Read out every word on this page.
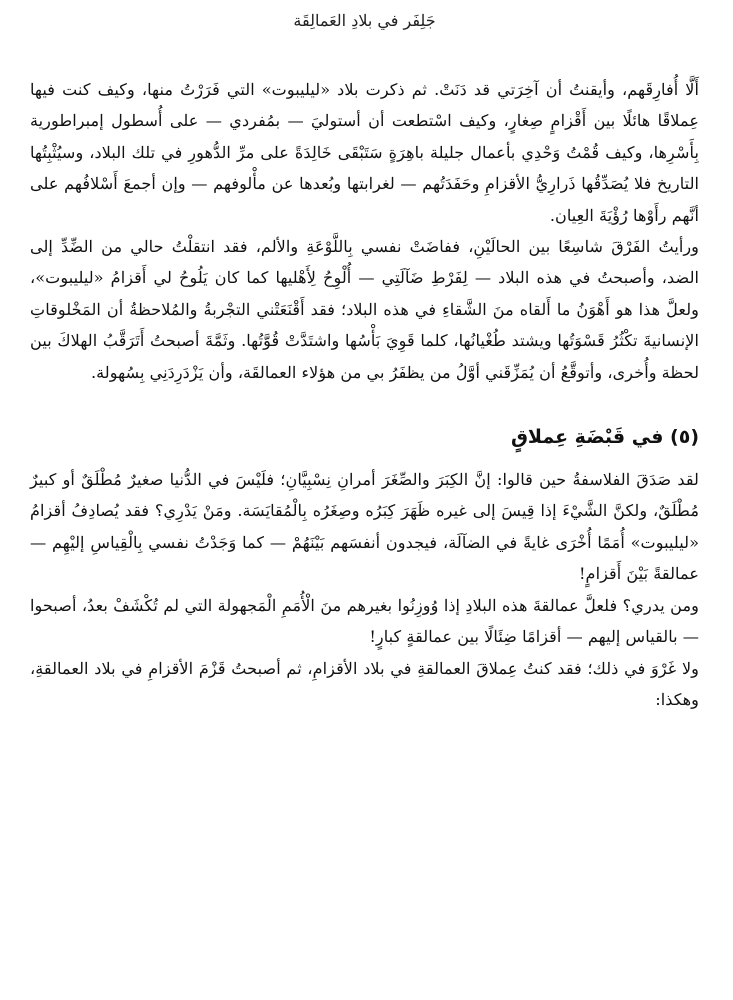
جَلِفَر في بلادِ العَمالِقَة

أَلَّا أُفارِقَهم، وأيقنتُ أن آخِرَتي قد دَنَتْ. ثم ذكرت بلاد «ليليبوت» التي فَرَرْتُ منها، وكيف كنت فيها عِملاقًا هائلًا بين أَقْزامٍ صِغارٍ، وكيف اسْتطعت أن أستوليَ — بمُفردي — على أُسطول إمبراطورية بِأَسْرِها، وكيف قُمْتُ وَحْدِي بأعمال جليلة باهِرَةٍ سَتَبْقَى خَالِدَةً على مرِّ الدُّهورِ في تلك البلاد، وسيُثْبِتُها التاريخ فلا يُصَدِّقُها ذَرارِيُّ الأقزامِ وحَفَدَتُهم — لغرابتها وبُعدها عن مأْلوفهم — وإن أجمعَ أَسْلافُهم على أنَّهم رأَوْها رُؤْيَةَ العِيان.

ورأيتُ الفَرْقَ شاسِعًا بين الحالَيْنِ، ففاضَتْ نفسي بِاللَّوْعَةِ والألم، فقد انتقلْتُ حالي من الضِّدِّ إلى الضد، وأصبحتُ في هذه البلاد — لِفَرْطِ ضَآلَتِي — أُلْوِحُ لِأَهْليها كما كان يَلُوحُ لي أَقزامُ «ليليبوت»، ولعلَّ هذا هو أَهْوَنُ ما أَلقاه منَ الشَّقاءِ في هذه البلاد؛ فقد أَقْنَعَتْني التجْربةُ والمُلاحظةُ أن المَخْلوقاتِ الإنسانيةَ تكْثُرُ قَسْوَتُها ويشتد طُغْيانُها، كلما قَوِيَ بَأْسُها واشتَدَّتْ قُوَّتُها. وثَمَّةَ أصبحتُ أَتَرَقَّبُ الهلاكَ بين لحظة وأُخرى، وأتوقَّعُ أن يُمَزِّقَني أوَّلُ من يظفَرُ بي من هؤلاء العمالقَة، وأن يَزْدَرِدَنِي بِسُهولة.

(٥) في قَبْضَةِ عِملاقٍ

لقد صَدَقَ الفلاسفةُ حين قالوا: إنَّ الكِبَرَ والصِّغَرَ أمرانِ نِسْبِيَّانِ؛ فلَيْسَ في الدُّنيا صغيرٌ مُطْلَقٌ أو كبيرٌ مُطْلَقٌ، ولكنَّ الشَّيْءَ إذا قِيسَ إلى غيره ظَهَرَ كِبَرُه وصِغَرُه بِالْمُقايَسَة. ومَنْ يَدْرِي؟ فقد يُصادِفُ أقزامُ «ليليبوت» أُمَمًا أُخْرَى غايةً في الضآلَة، فيجدون أنفسَهم بَيْنَهُمْ — كما وَجَدْتُ نفسي بِالْقِياسِ إليْهِم — عمالقةً بَيْنَ أَقزامٍ!

ومن يدري؟ فلعلَّ عمالقةَ هذه البلادِ إذا وُوزِنُوا بغيرهم منَ الْأُمَمِ الْمَجهولة التي لم تُكْشَفْ بعدُ، أصبحوا — بالقياس إليهم — أقزامًا ضِئَالًا بين عمالقةٍ كبارٍ!

ولا غَرْوَ في ذلك؛ فقد كنتُ عِملاقَ العمالقةِ في بلاد الأقزامِ، ثم أصبحتُ قَزْمَ الأقزامِ في بلاد العمالقةِ، وهكذا:
